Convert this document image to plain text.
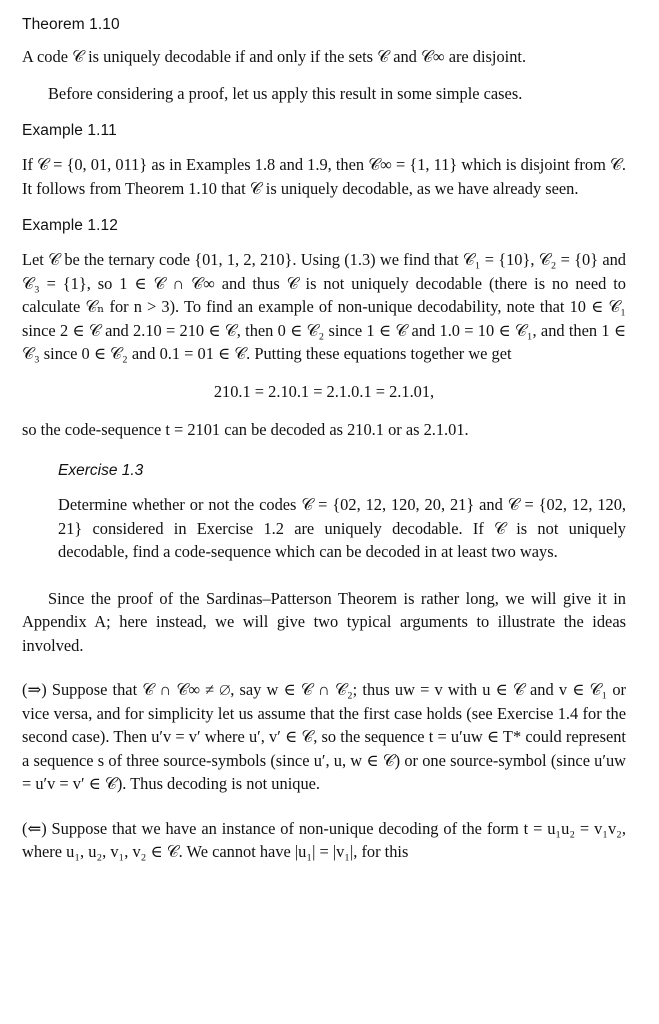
Theorem 1.10

A code 𝒞 is uniquely decodable if and only if the sets 𝒞 and 𝒞∞ are disjoint.

Before considering a proof, let us apply this result in some simple cases.

Example 1.11

If 𝒞 = {0, 01, 011} as in Examples 1.8 and 1.9, then 𝒞∞ = {1, 11} which is disjoint from 𝒞. It follows from Theorem 1.10 that 𝒞 is uniquely decodable, as we have already seen.

Example 1.12

Let 𝒞 be the ternary code {01, 1, 2, 210}. Using (1.3) we find that 𝒞₁ = {10}, 𝒞₂ = {0} and 𝒞₃ = {1}, so 1 ∈ 𝒞 ∩ 𝒞∞ and thus 𝒞 is not uniquely decodable (there is no need to calculate 𝒞ₙ for n > 3). To find an example of non-unique decodability, note that 10 ∈ 𝒞₁ since 2 ∈ 𝒞 and 2.10 = 210 ∈ 𝒞, then 0 ∈ 𝒞₂ since 1 ∈ 𝒞 and 1.0 = 10 ∈ 𝒞₁, and then 1 ∈ 𝒞₃ since 0 ∈ 𝒞₂ and 0.1 = 01 ∈ 𝒞. Putting these equations together we get

210.1 = 2.10.1 = 2.1.0.1 = 2.1.01,

so the code-sequence t = 2101 can be decoded as 210.1 or as 2.1.01.

Exercise 1.3

Determine whether or not the codes 𝒞 = {02, 12, 120, 20, 21} and 𝒞 = {02, 12, 120, 21} considered in Exercise 1.2 are uniquely decodable. If 𝒞 is not uniquely decodable, find a code-sequence which can be decoded in at least two ways.

Since the proof of the Sardinas–Patterson Theorem is rather long, we will give it in Appendix A; here instead, we will give two typical arguments to illustrate the ideas involved.

(⇒) Suppose that 𝒞 ∩ 𝒞∞ ≠ ∅, say w ∈ 𝒞 ∩ 𝒞₂; thus uw = v with u ∈ 𝒞 and v ∈ 𝒞₁ or vice versa, and for simplicity let us assume that the first case holds (see Exercise 1.4 for the second case). Then u′v = v′ where u′, v′ ∈ 𝒞, so the sequence t = u′uw ∈ T* could represent a sequence s of three source-symbols (since u′, u, w ∈ 𝒞) or one source-symbol (since u′uw = u′v = v′ ∈ 𝒞). Thus decoding is not unique.

(⇐) Suppose that we have an instance of non-unique decoding of the form t = u₁u₂ = v₁v₂, where u₁, u₂, v₁, v₂ ∈ 𝒞. We cannot have |u₁| = |v₁|, for this
